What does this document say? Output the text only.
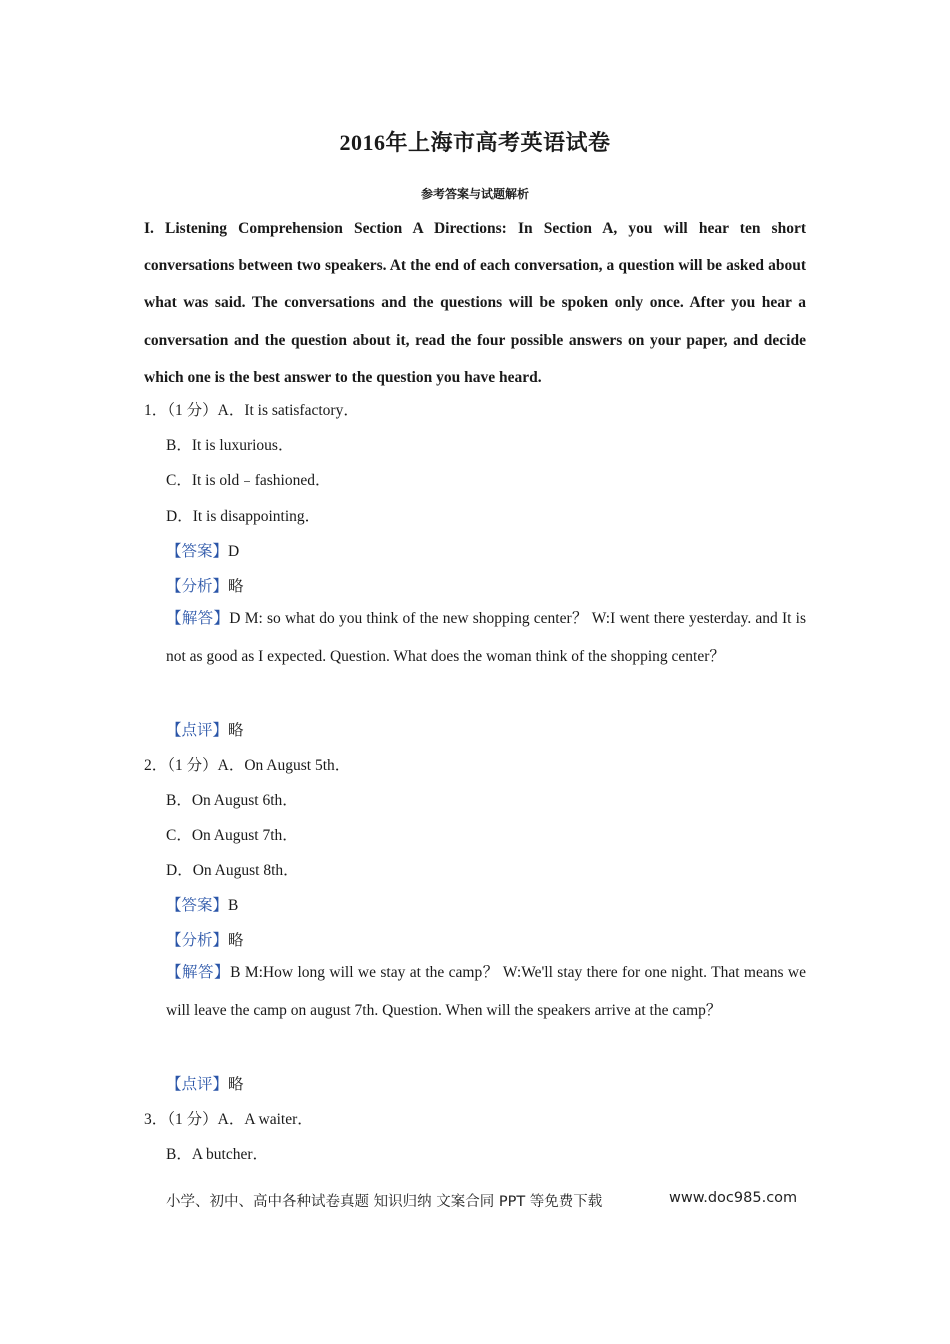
2016年上海市高考英语试卷
参考答案与试题解析
I. Listening Comprehension Section A Directions: In Section A, you will hear ten short conversations between two speakers. At the end of each conversation, a question will be asked about what was said. The conversations and the questions will be spoken only once. After you hear a conversation and the question about it, read the four possible answers on your paper, and decide which one is the best answer to the question you have heard.
1．（1 分）A．It is satisfactory．
B．It is luxurious．
C．It is old﹣fashioned．
D．It is disappointing．
【答案】D
【分析】略
【解答】D M: so what do you think of the new shopping center？ W:I went there yesterday. and It is not as good as I expected. Question. What does the woman think of the shopping center？
【点评】略
2．（1 分）A．On August 5th．
B．On August 6th．
C．On August 7th．
D．On August 8th．
【答案】B
【分析】略
【解答】B M:How long will we stay at the camp？ W:We'll stay there for one night. That means we will leave the camp on august 7th. Question. When will the speakers arrive at the camp？
【点评】略
3．（1 分）A．A waiter．
B．A butcher．
小学、初中、高中各种试卷真题 知识归纳 文案合同 PPT 等免费下载	www.doc985.com
